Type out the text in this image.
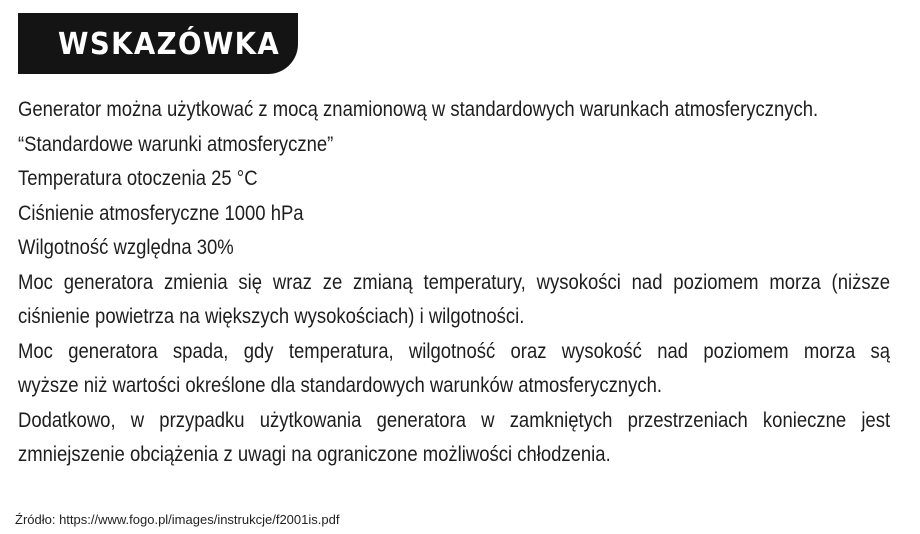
WSKAZÓWKA
Generator można użytkować z mocą znamionową w standardowych warunkach atmosferycznych.
“Standardowe warunki atmosferyczne”
Temperatura otoczenia 25 °C
Ciśnienie atmosferyczne 1000 hPa
Wilgotność względna 30%
Moc generatora zmienia się wraz ze zmianą temperatury, wysokości nad poziomem morza (niższe
ciśnienie powietrza na większych wysokościach) i wilgotności.
Moc generatora spada, gdy temperatura, wilgotność oraz wysokość nad poziomem morza są
wyższe niż wartości określone dla standardowych warunków atmosferycznych.
Dodatkowo, w przypadku użytkowania generatora w zamkniętych przestrzeniach konieczne jest
zmniejszenie obciążenia z uwagi na ograniczone możliwości chłodzenia.
Źródło: https://www.fogo.pl/images/instrukcje/f2001is.pdf
